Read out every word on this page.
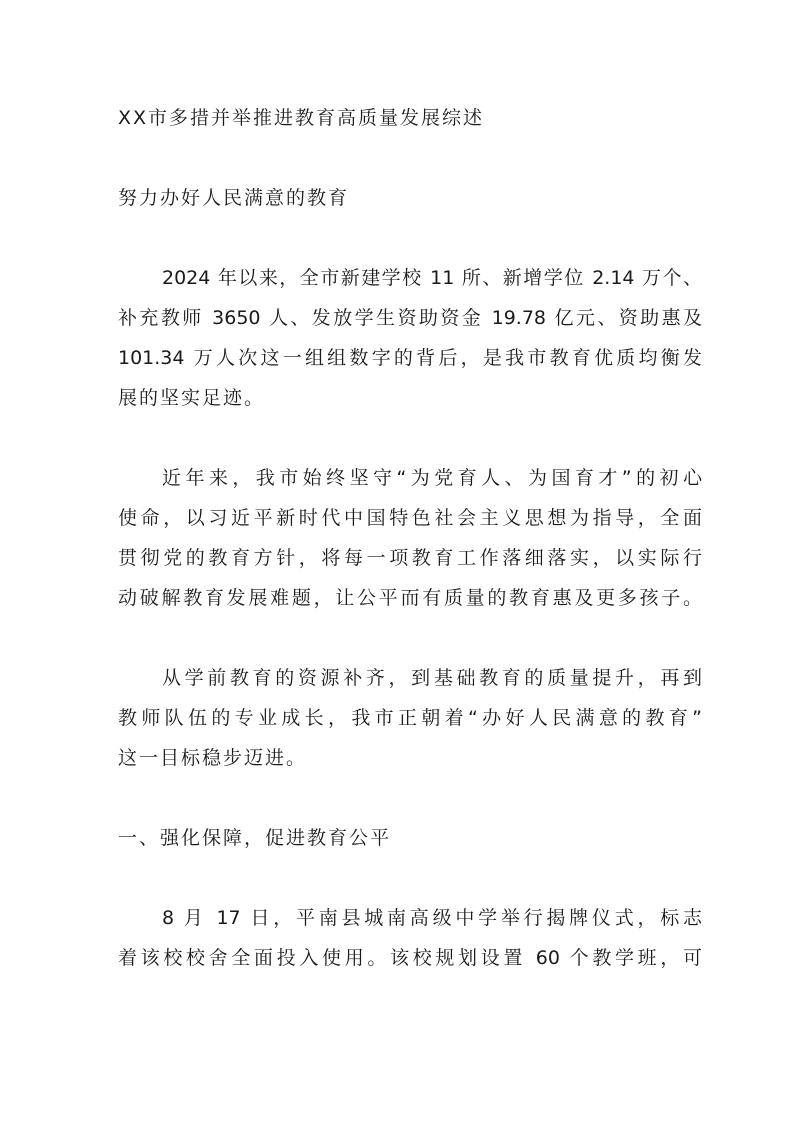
XX市多措并举推进教育高质量发展综述
努力办好人民满意的教育
2024 年以来，全市新建学校 11 所、新增学位 2.14 万个、
补充教师 3650 人、发放学生资助资金 19.78 亿元、资助惠及
101.34 万人次这一组组数字的背后，是我市教育优质均衡发
展的坚实足迹。
近年来，我市始终坚守“为党育人、为国育才”的初心
使命，以习近平新时代中国特色社会主义思想为指导，全面
贯彻党的教育方针，将每一项教育工作落细落实，以实际行
动破解教育发展难题，让公平而有质量的教育惠及更多孩子。
从学前教育的资源补齐，到基础教育的质量提升，再到
教师队伍的专业成长，我市正朝着“办好人民满意的教育”
这一目标稳步迈进。
一、强化保障，促进教育公平
8 月 17 日，平南县城南高级中学举行揭牌仪式，标志
着该校校舍全面投入使用。该校规划设置 60 个教学班，可
